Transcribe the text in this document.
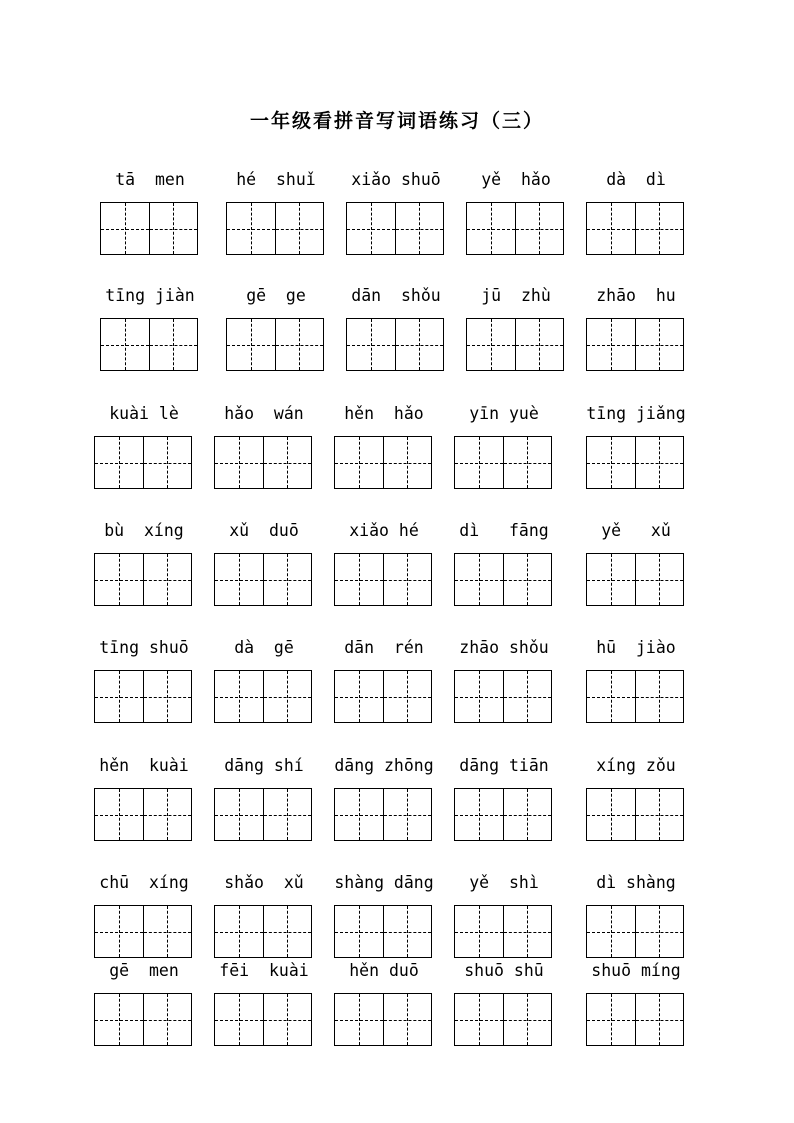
一年级看拼音写词语练习（三）
tā  men	hé  shuǐ	xiǎo shuō	yě  hǎo	dà  dì
tīng jiàn	gē  ge	dān  shǒu	jū  zhù	zhāo  hu
kuài lè	hǎo  wán	hěn  hǎo	yīn yuè	tīng jiǎng
bù  xíng	xǔ  duō	xiǎo hé	dì   fāng	yě   xǔ
tīng shuō	dà  gē	dān  rén	zhāo shǒu	hū  jiào
hěn  kuài	dāng shí	dāng zhōng	dāng tiān	xíng zǒu
chū  xíng	shǎo  xǔ	shàng dāng	yě  shì	dì shàng
gē  men	fēi  kuài	hěn duō	shuō shū	shuō míng
